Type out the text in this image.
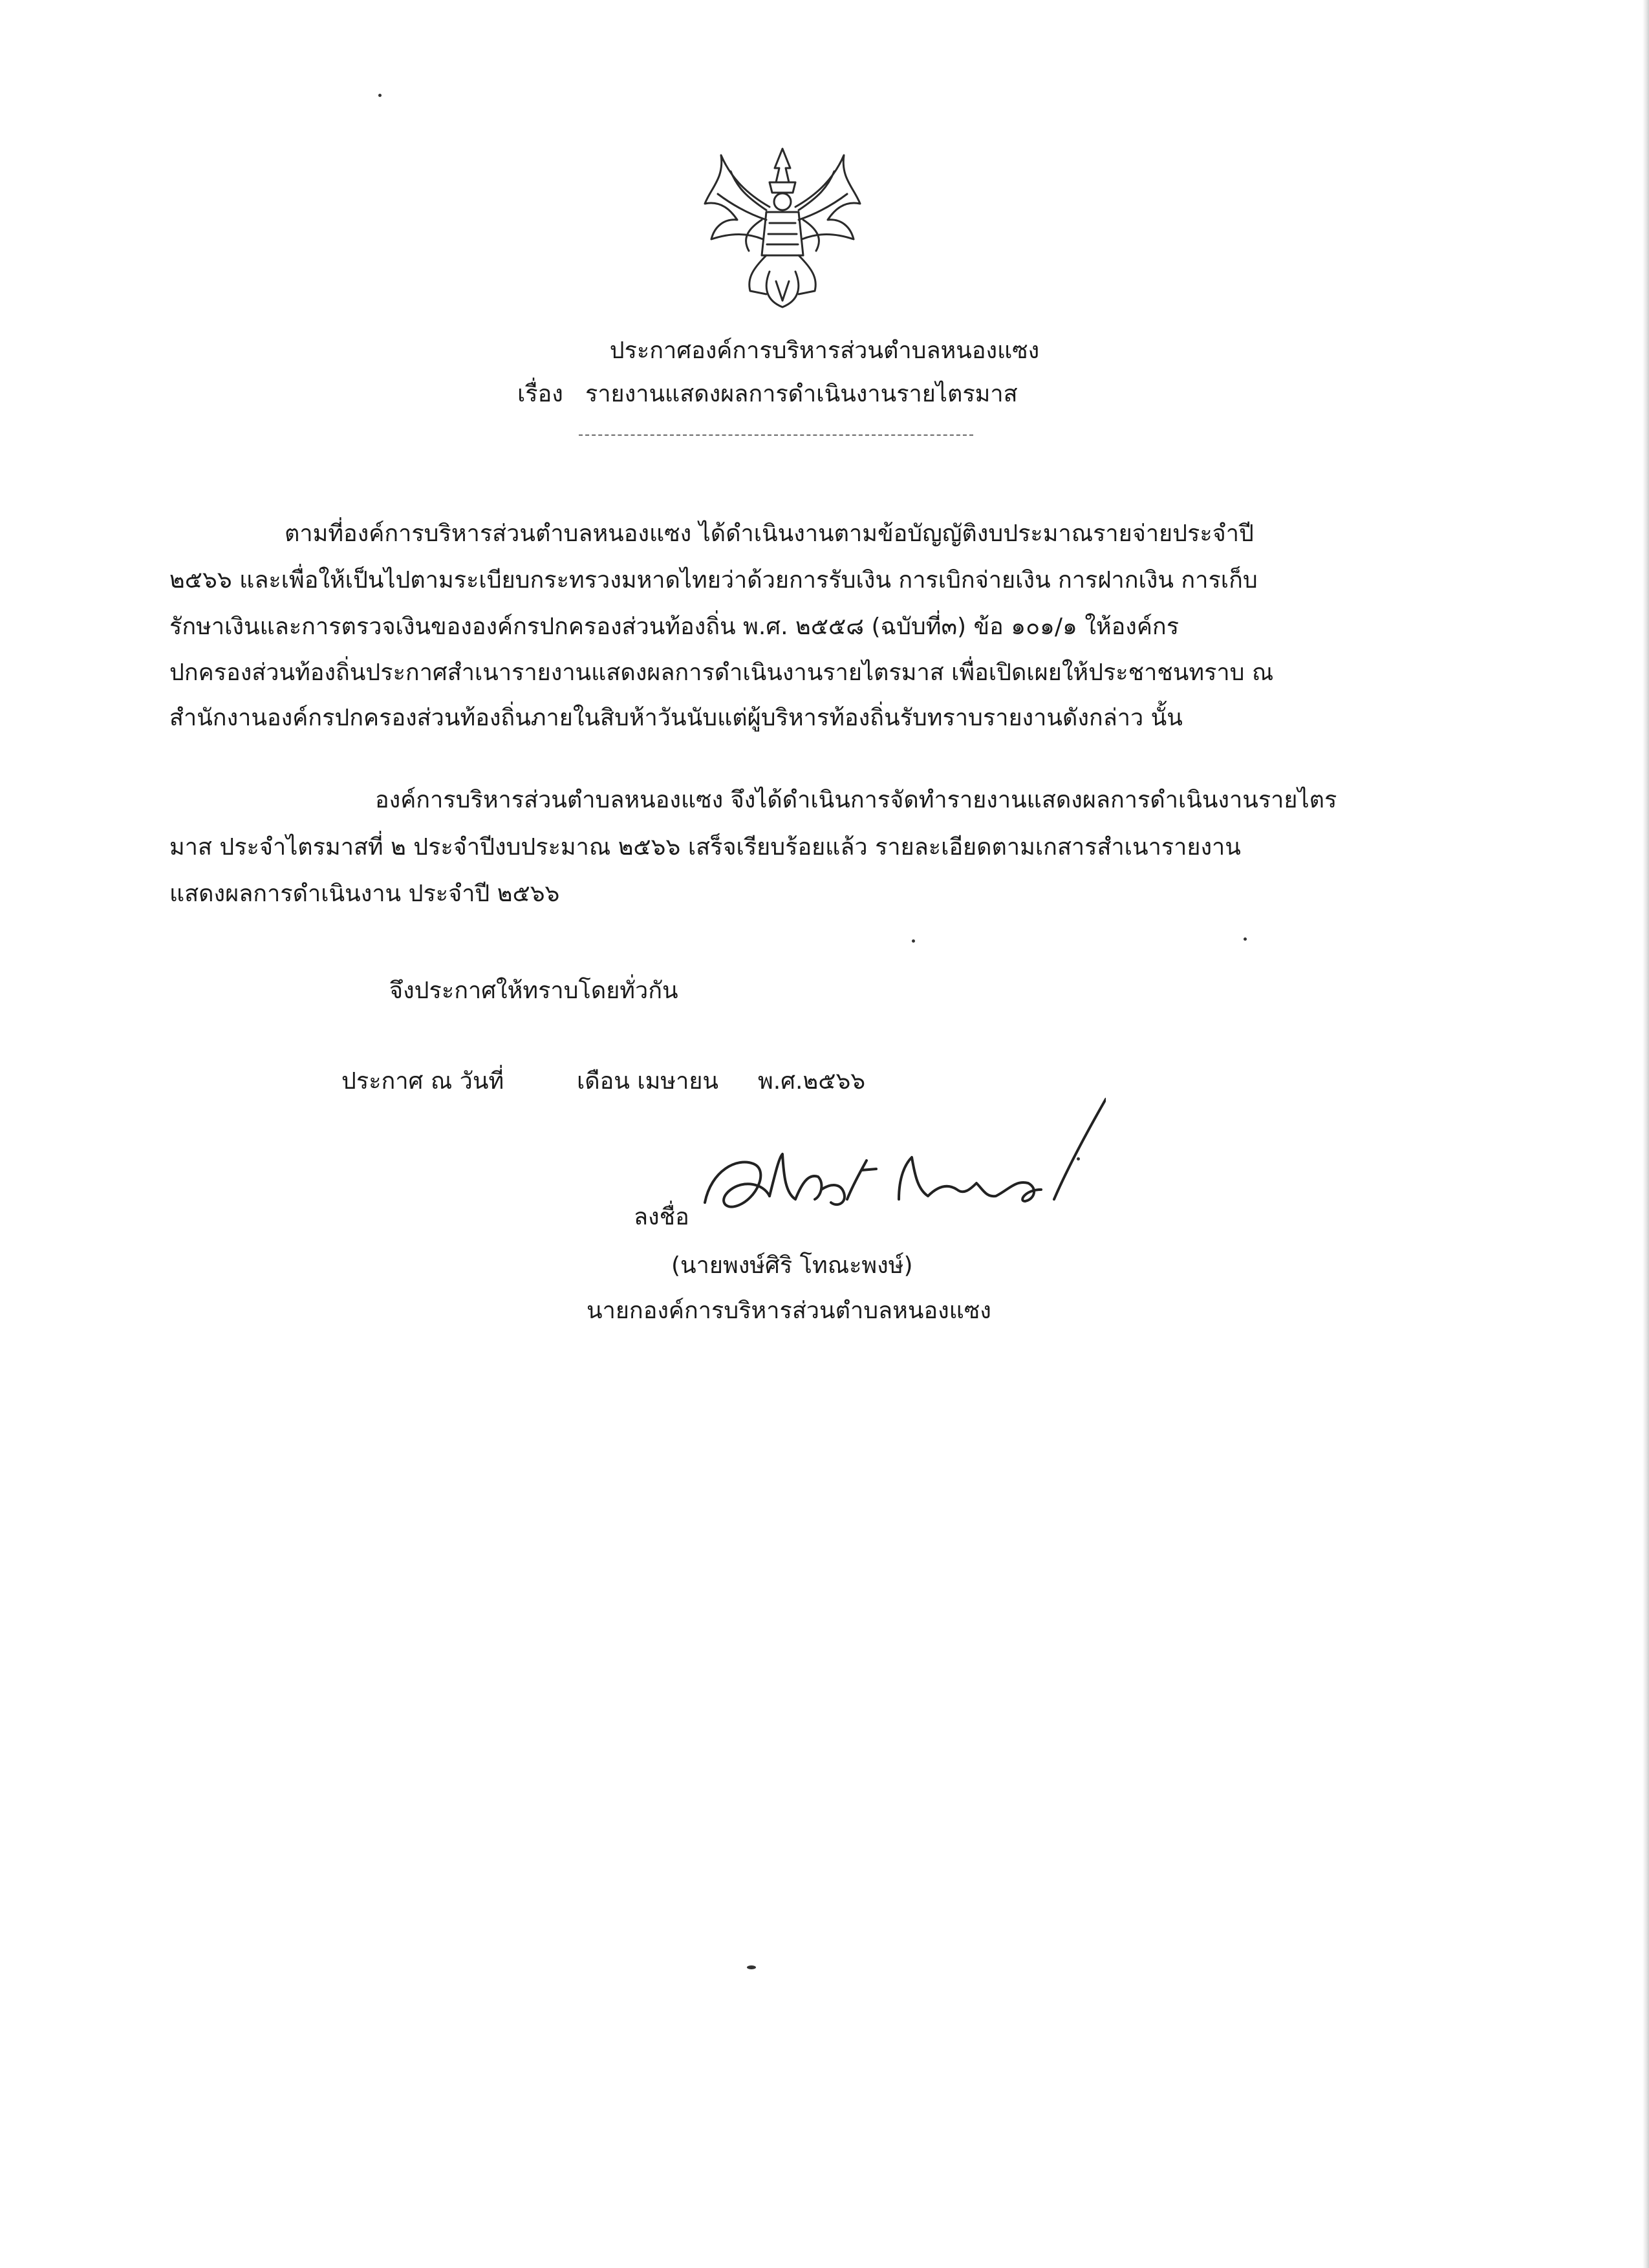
ประกาศองค์การบริหารส่วนตำบลหนองแซง
เรื่อง รายงานแสดงผลการดำเนินงานรายไตรมาส
ตามที่องค์การบริหารส่วนตำบลหนองแซง ได้ดำเนินงานตามข้อบัญญัติงบประมาณรายจ่ายประจำปี
๒๕๖๖ และเพื่อให้เป็นไปตามระเบียบกระทรวงมหาดไทยว่าด้วยการรับเงิน การเบิกจ่ายเงิน การฝากเงิน การเก็บ
รักษาเงินและการตรวจเงินขององค์กรปกครองส่วนท้องถิ่น พ.ศ. ๒๕๕๘ (ฉบับที่๓) ข้อ ๑๐๑/๑ ให้องค์กร
ปกครองส่วนท้องถิ่นประกาศสำเนารายงานแสดงผลการดำเนินงานรายไตรมาส เพื่อเปิดเผยให้ประชาชนทราบ ณ
สำนักงานองค์กรปกครองส่วนท้องถิ่นภายในสิบห้าวันนับแต่ผู้บริหารท้องถิ่นรับทราบรายงานดังกล่าว นั้น
องค์การบริหารส่วนตำบลหนองแซง จึงได้ดำเนินการจัดทำรายงานแสดงผลการดำเนินงานรายไตร
มาส ประจำไตรมาสที่ ๒ ประจำปีงบประมาณ ๒๕๖๖ เสร็จเรียบร้อยแล้ว รายละเอียดตามเกสารสำเนารายงาน
แสดงผลการดำเนินงาน ประจำปี ๒๕๖๖
จึงประกาศให้ทราบโดยทั่วกัน
ประกาศ ณ วันที่	เดือน เมษายน พ.ศ.๒๕๖๖
ลงชื่อ
(นายพงษ์ศิริ โทณะพงษ์)
นายกองค์การบริหารส่วนตำบลหนองแซง
